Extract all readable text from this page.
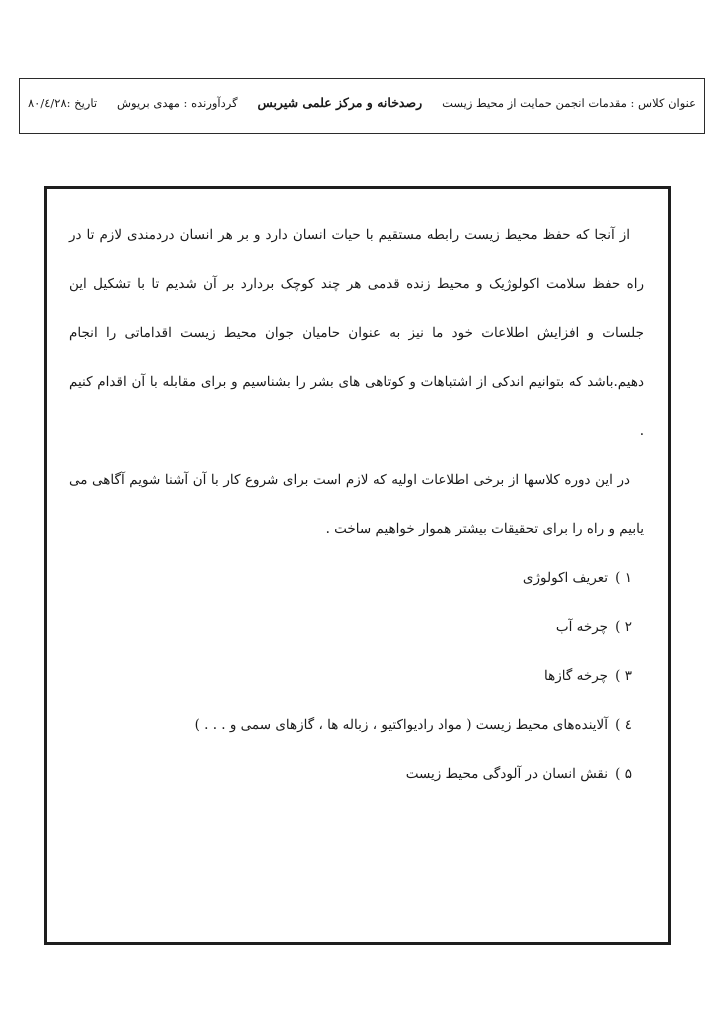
عنوان کلاس : مقدمات انجمن حمایت از محیط زیست
رصدخانه و مرکز علمی شیربس
گردآورنده : مهدی بریوش
تاریخ :۸۰/٤/۲۸

از آنجا که حفظ محیط زیست رابطه مستقیم با حیات انسان دارد و بر هر انسان دردمندی لازم تا در راه حفظ سلامت اکولوژیک و محیط زنده قدمی هر چند کوچک بردارد بر آن شدیم تا با تشکیل این جلسات و افزایش اطلاعات خود ما نیز به عنوان حامیان جوان محیط زیست اقداماتی را انجام دهیم.باشد که بتوانیم اندکی از اشتباهات و کوتاهی های بشر را بشناسیم و برای مقابله با آن اقدام کنیم .

در این دوره کلاسها از برخی اطلاعات اولیه که لازم است برای شروع کار با آن آشنا شویم آگاهی می یابیم و راه را برای تحقیقات بیشتر هموار خواهیم ساخت .

۱ )
تعریف اکولوژی
۲ )
چرخه آب
۳ )
چرخه گازها
٤ )
آلاینده‌های محیط زیست ( مواد رادیواکتیو ، زباله ها ، گازهای سمی و . . . )
۵ )
نقش انسان در آلودگی محیط زیست
